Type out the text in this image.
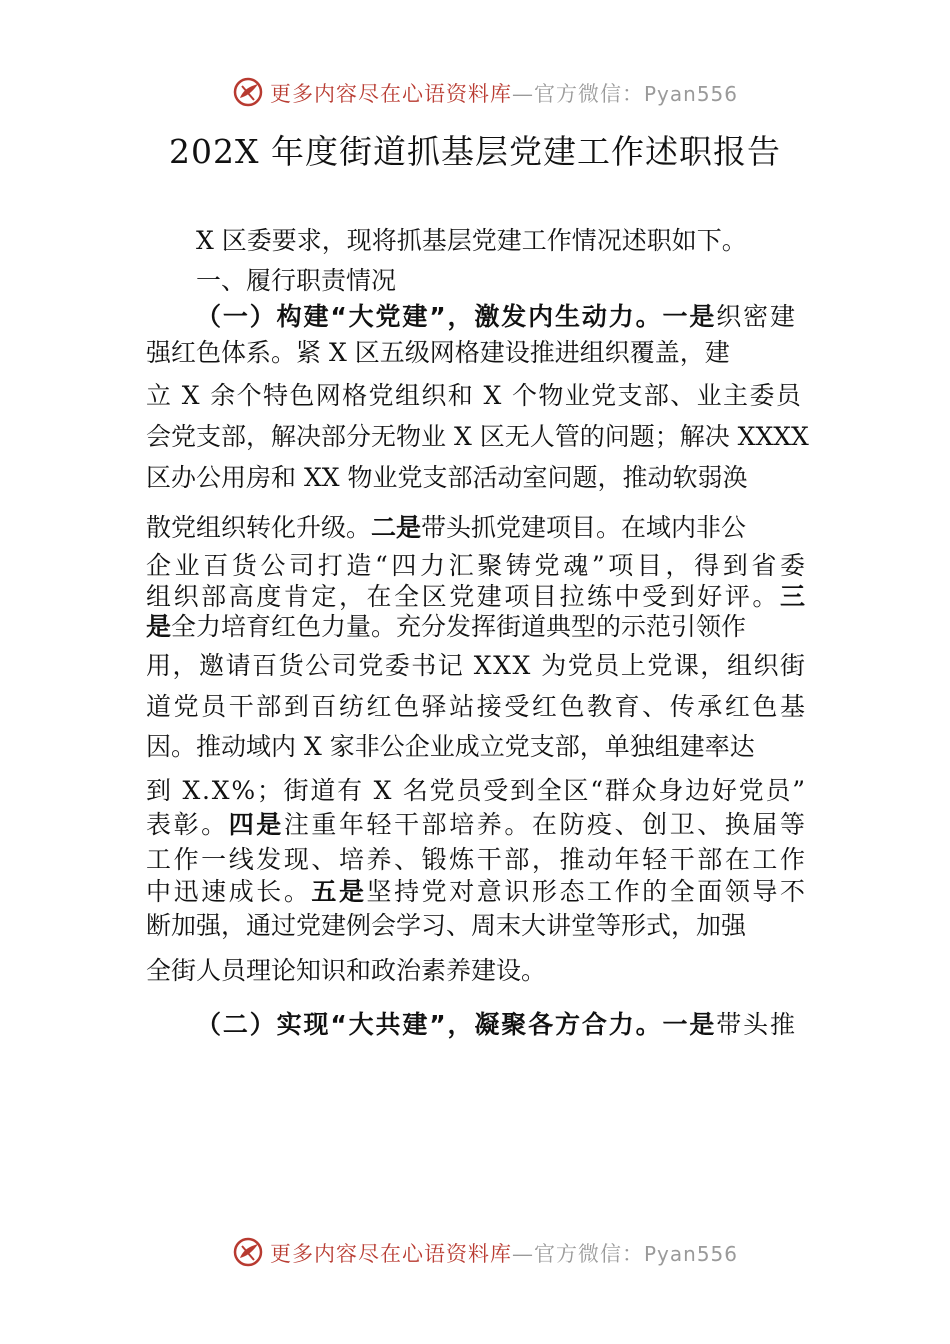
更多内容尽在心语资料库—官方微信：Pyan556
202X 年度街道抓基层党建工作述职报告
X 区委要求，现将抓基层党建工作情况述职如下。
一、履行职责情况
（一）构建“大党建”，激发内生动力。一是织密建
强红色体系。紧 X 区五级网格建设推进组织覆盖，建
立 X 余个特色网格党组织和 X 个物业党支部、业主委员
会党支部，解决部分无物业 X 区无人管的问题；解决 XXXX
区办公用房和 XX 物业党支部活动室问题，推动软弱涣
散党组织转化升级。二是带头抓党建项目。在域内非公
企业百货公司打造“四力汇聚铸党魂”项目，得到省委
组织部高度肯定，在全区党建项目拉练中受到好评。三
是全力培育红色力量。充分发挥街道典型的示范引领作
用，邀请百货公司党委书记 XXX 为党员上党课，组织街
道党员干部到百纺红色驿站接受红色教育、传承红色基
因。推动域内 X 家非公企业成立党支部，单独组建率达
到 X.X%；街道有 X 名党员受到全区“群众身边好党员”
表彰。四是注重年轻干部培养。在防疫、创卫、换届等
工作一线发现、培养、锻炼干部，推动年轻干部在工作
中迅速成长。五是坚持党对意识形态工作的全面领导不
断加强，通过党建例会学习、周末大讲堂等形式，加强
全街人员理论知识和政治素养建设。
（二）实现“大共建”，凝聚各方合力。一是带头推
更多内容尽在心语资料库—官方微信：Pyan556
